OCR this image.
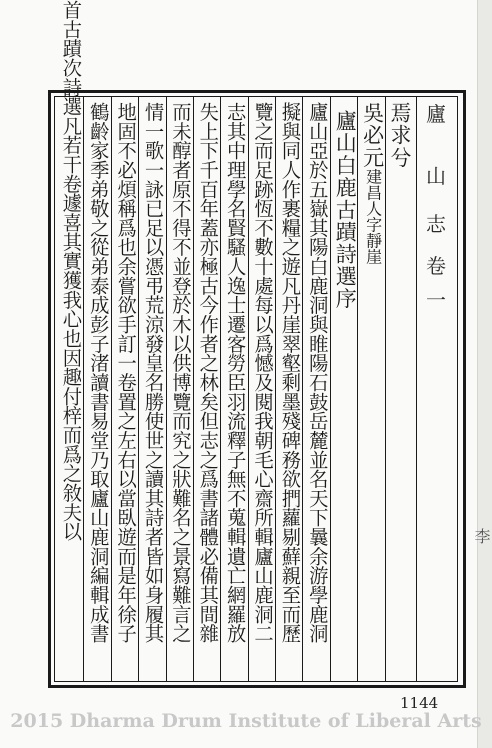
廬
山
志
卷
一
焉求兮
吳必元建昌人字靜崖
廬山白鹿古蹟詩選序
廬山亞於五嶽其陽白鹿洞與睢陽石鼓岳麓並名天下曩余游學鹿洞
擬與同人作裹糧之遊凡丹崖翠壑剩墨殘碑務欲捫蘿剔蘚親至而歷
覽之而足跡恆不數十處每以爲憾及閱我朝毛心齋所輯廬山鹿洞二
志其中理學名賢騷人逸士遷客勞臣羽流釋子無不蒐輯遺亡網羅放
失上下千百年蓋亦極古今作者之林矣但志之爲書諸體必備其間雜
而未醇者原不得不並登於木以供博覽而究之狀難名之景寫難言之
情一歌一詠已足以憑弔荒涼發皇名勝使世之讀其詩者皆如身履其
地固不必煩稱爲也余嘗欲手訂一卷置之左右以當臥遊而是年徐子
鶴齡家季弟敬之從弟泰成彭子渚讀書易堂乃取廬山鹿洞編輯成書
1144
李
2015 Dharma Drum Institute of Liberal Arts
首古蹟次詩選凡若干卷遽喜其實獲我心也因趣付梓而爲之敘夫以
